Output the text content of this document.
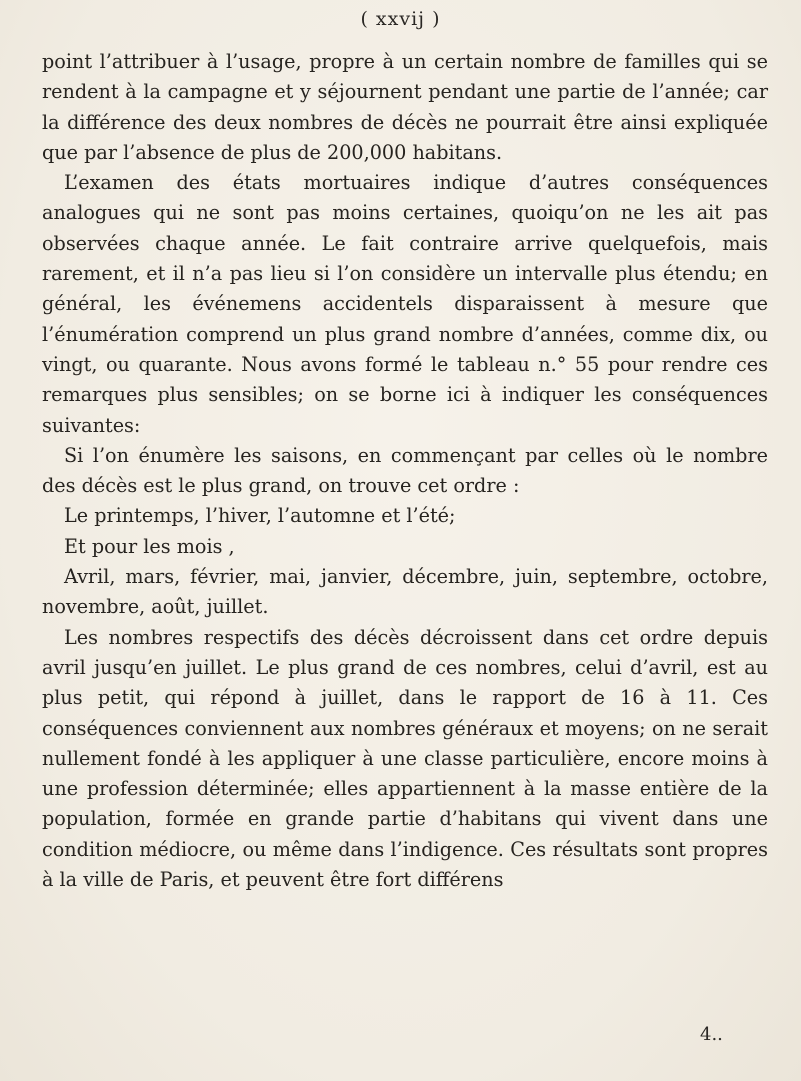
( xxvij )

point l’attribuer à l’usage, propre à un certain nombre de familles qui se rendent à la campagne et y séjournent pendant une partie de l’année; car la différence des deux nombres de décès ne pourrait être ainsi expliquée que par l’absence de plus de 200,000 habitans.

L’examen des états mortuaires indique d’autres conséquences analogues qui ne sont pas moins certaines, quoiqu’on ne les ait pas observées chaque année. Le fait contraire arrive quelquefois, mais rarement, et il n’a pas lieu si l’on considère un intervalle plus étendu; en général, les événemens accidentels disparaissent à mesure que l’énumération comprend un plus grand nombre d’années, comme dix, ou vingt, ou quarante. Nous avons formé le tableau n.° 55 pour rendre ces remarques plus sensibles; on se borne ici à indiquer les conséquences suivantes:

Si l’on énumère les saisons, en commençant par celles où le nombre des décès est le plus grand, on trouve cet ordre :

Le printemps, l’hiver, l’automne et l’été;

Et pour les mois ,

Avril, mars, février, mai, janvier, décembre, juin, septembre, octobre, novembre, août, juillet.

Les nombres respectifs des décès décroissent dans cet ordre depuis avril jusqu’en juillet. Le plus grand de ces nombres, celui d’avril, est au plus petit, qui répond à juillet, dans le rapport de 16 à 11. Ces conséquences conviennent aux nombres généraux et moyens; on ne serait nullement fondé à les appliquer à une classe particulière, encore moins à une profession déterminée; elles appartiennent à la masse entière de la population, formée en grande partie d’habitans qui vivent dans une condition médiocre, ou même dans l’indigence. Ces résultats sont propres à la ville de Paris, et peuvent être fort différens

4..
